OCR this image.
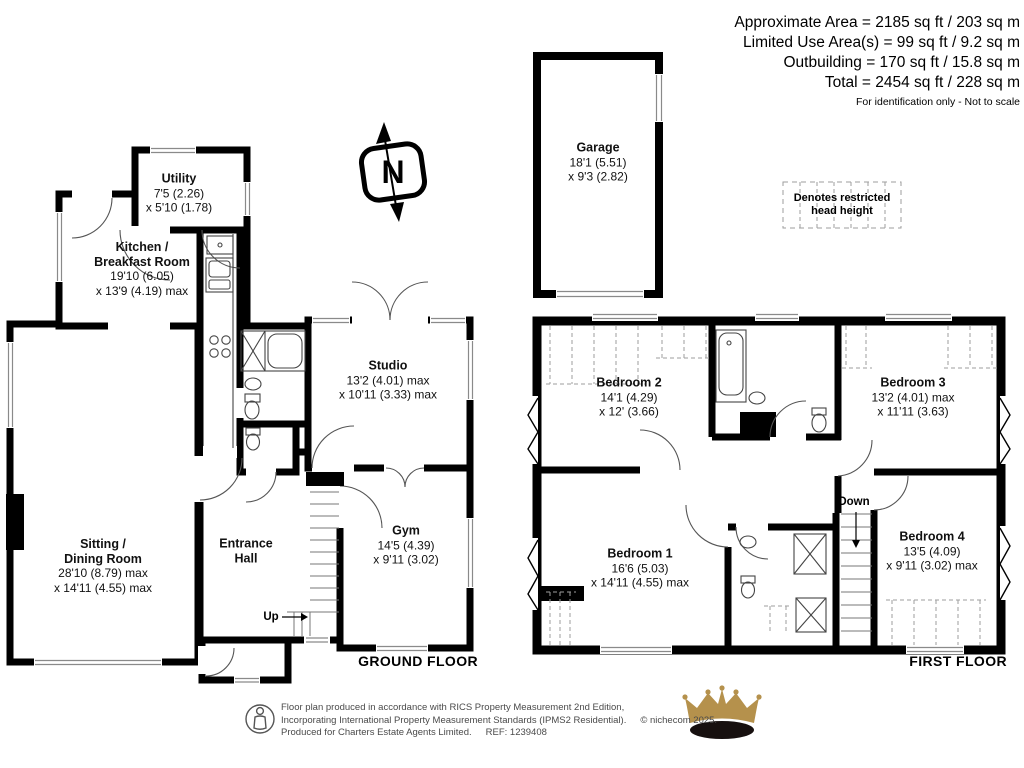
N
Approximate Area = 2185 sq ft / 203 sq m
Limited Use Area(s) = 99 sq ft / 9.2 sq m
Outbuilding = 170 sq ft / 15.8 sq m
Total = 2454 sq ft / 228 sq m
For identification only - Not to scale
Denotes restricted head height
Garage
18'1 (5.51)
x 9'3 (2.82)
Utility
7'5 (2.26)
x 5'10 (1.78)
Kitchen /
Breakfast Room
19'10 (6.05)
x 13'9 (4.19) max
Studio
13'2 (4.01) max
x 10'11 (3.33) max
Sitting /
Dining Room
28'10 (8.79) max
x 14'11 (4.55) max
Entrance
Hall
Gym
14'5 (4.39)
x 9'11 (3.02)
Bedroom 2
14'1 (4.29)
x 12' (3.66)
Bedroom 3
13'2 (4.01) max
x 11'11 (3.63)
Bedroom 1
16'6 (5.03)
x 14'11 (4.55) max
Bedroom 4
13'5 (4.09)
x 9'11 (3.02) max
Up
Down
GROUND FLOOR	FIRST FLOOR
Floor plan produced in accordance with RICS Property Measurement 2nd Edition,
Incorporating International Property Measurement Standards (IPMS2 Residential). © nichecom 2025.
Produced for Charters Estate Agents Limited. REF: 1239408
